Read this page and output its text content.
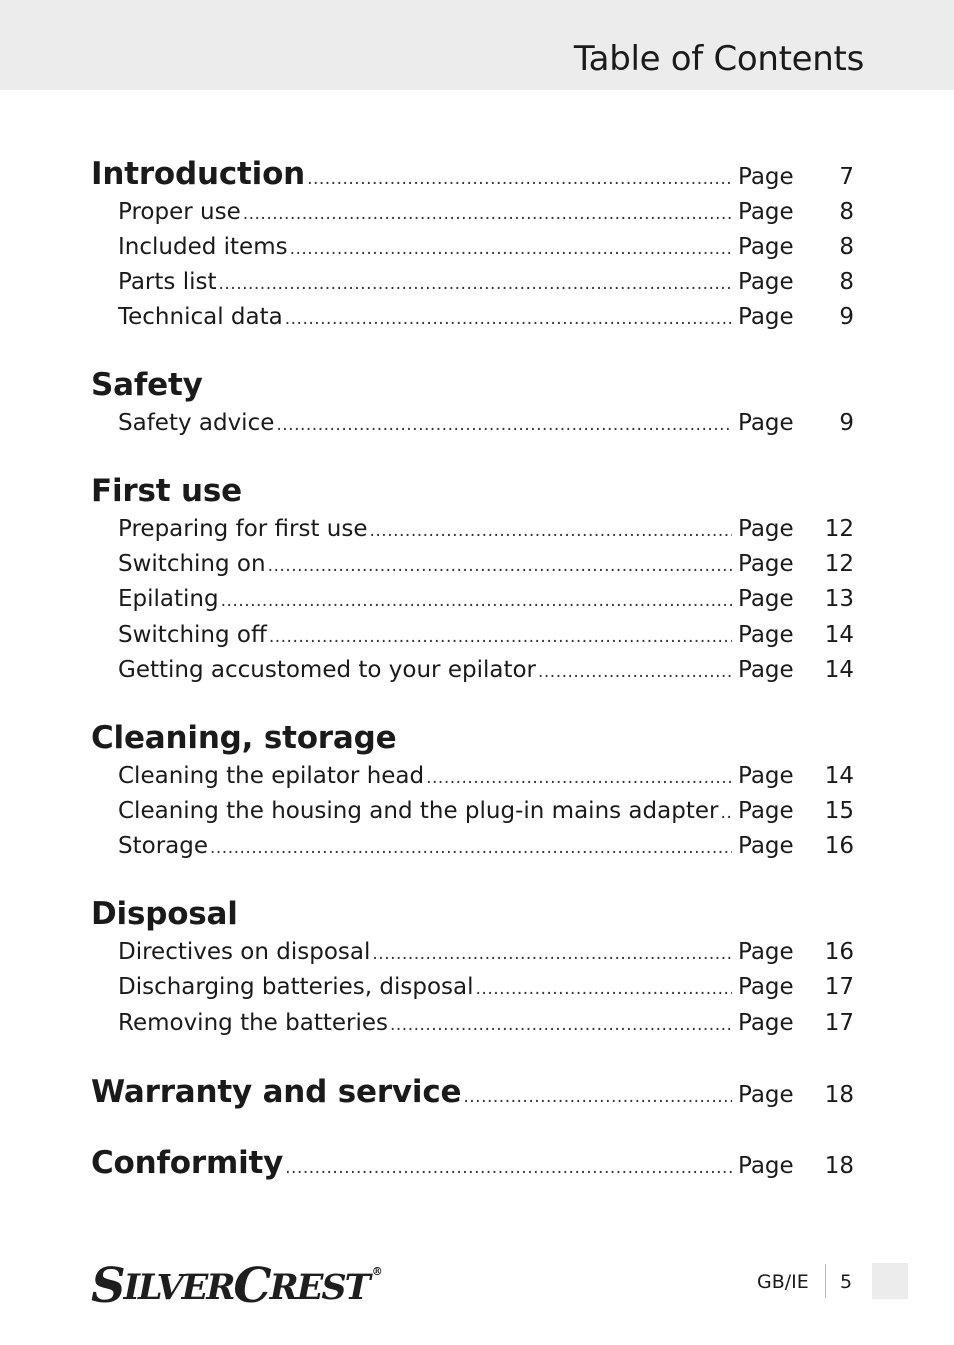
Table of Contents
Introduction .....	Page	7
Proper use .....	Page	8
Included items .....	Page	8
Parts list .....	Page	8
Technical data .....	Page	9
Safety
Safety advice .....	Page	9
First use
Preparing for first use .....	Page	12
Switching on .....	Page	12
Epilating .....	Page	13
Switching off .....	Page	14
Getting accustomed to your epilator .....	Page	14
Cleaning, storage
Cleaning the epilator head .....	Page	14
Cleaning the housing and the plug-in mains adapter ..... Page	15
Storage .....	Page	16
Disposal
Directives on disposal .....	Page	16
Discharging batteries, disposal .....	Page	17
Removing the batteries .....	Page	17
Warranty and service .....	Page	18
Conformity .....	Page	18
S ILVER C REST ®	GB/IE 5
